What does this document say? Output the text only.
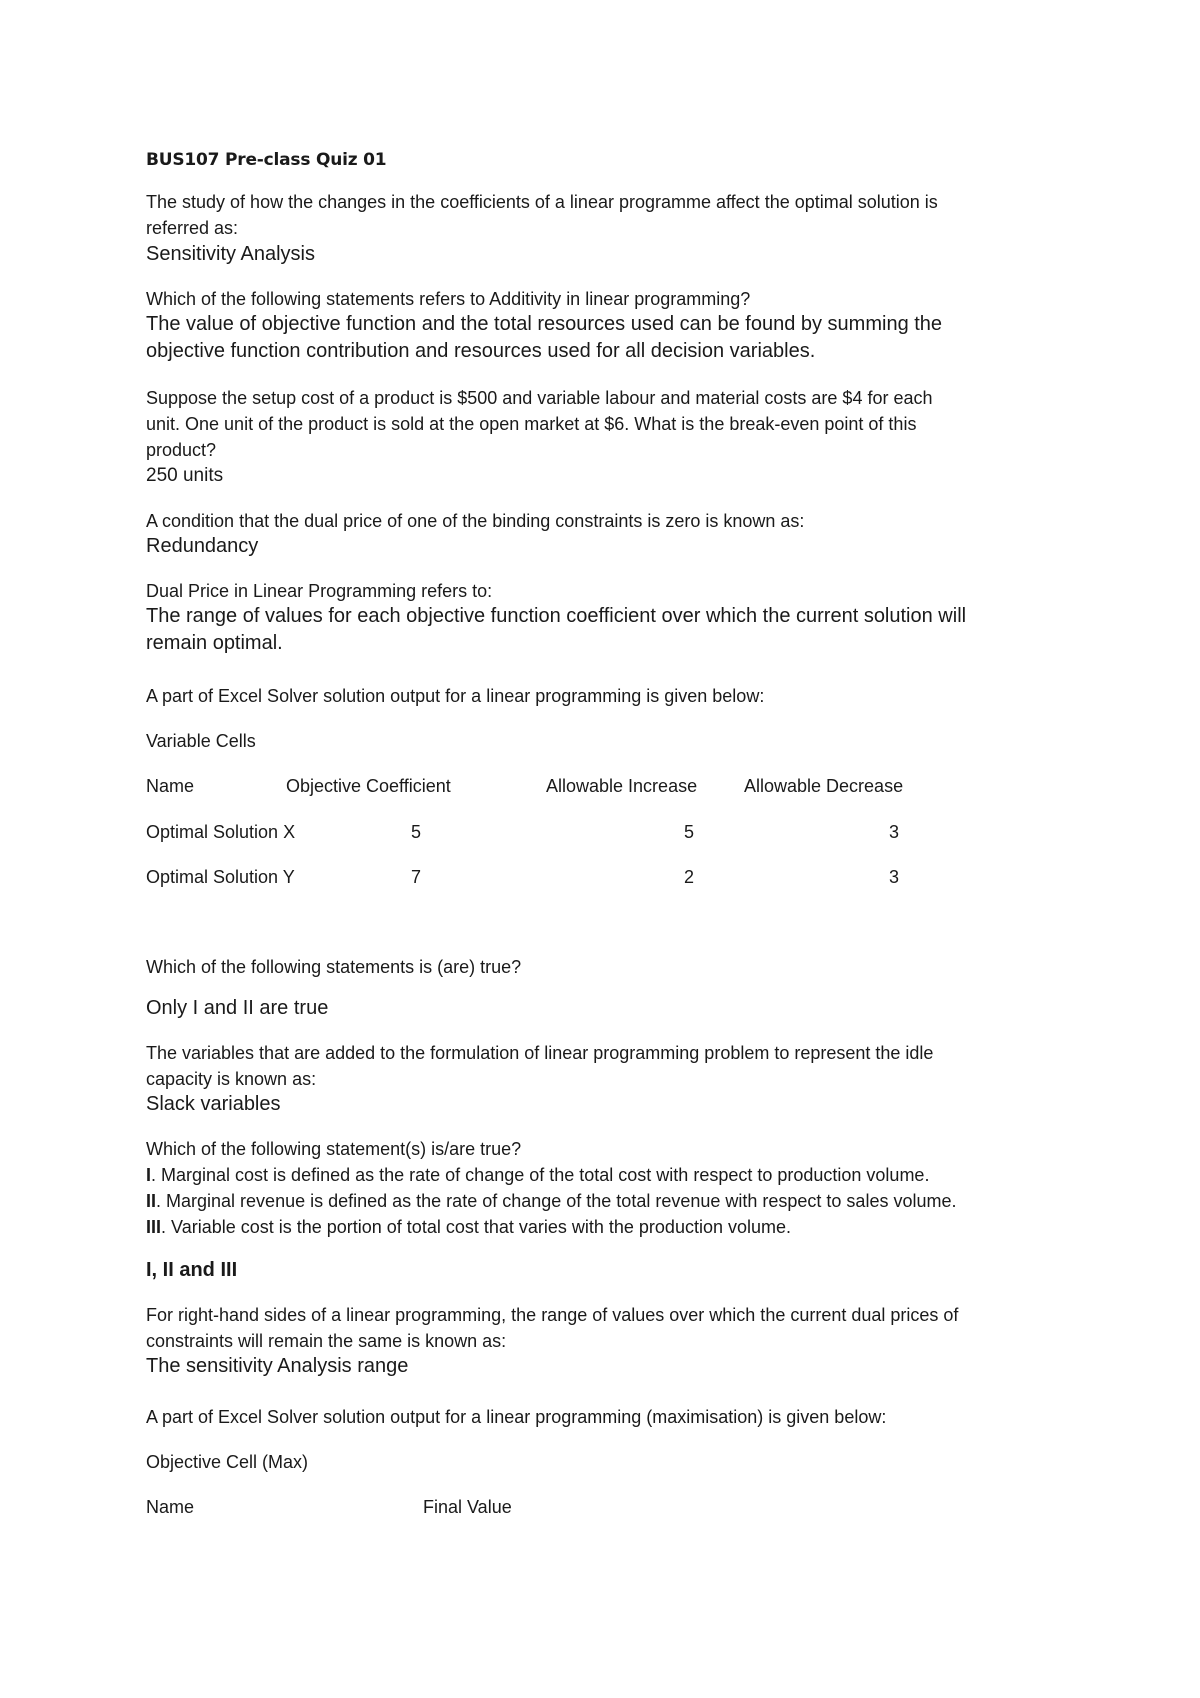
BUS107 Pre-class Quiz 01
The study of how the changes in the coefficients of a linear programme affect the optimal solution is
referred as:
Sensitivity Analysis
Which of the following statements refers to Additivity in linear programming?
The value of objective function and the total resources used can be found by summing the
objective function contribution and resources used for all decision variables.
Suppose the setup cost of a product is $500 and variable labour and material costs are $4 for each
unit. One unit of the product is sold at the open market at $6. What is the break-even point of this
product?
250 units
A condition that the dual price of one of the binding constraints is zero is known as:
Redundancy
Dual Price in Linear Programming refers to:
The range of values for each objective function coefficient over which the current solution will
remain optimal.
A part of Excel Solver solution output for a linear programming is given below:
Variable Cells
Name	Objective Coefficient	Allowable Increase	Allowable Decrease
Optimal Solution X	5	5	3
Optimal Solution Y	7	2	3
Which of the following statements is (are) true?
Only I and II are true
The variables that are added to the formulation of linear programming problem to represent the idle
capacity is known as:
Slack variables
Which of the following statement(s) is/are true?
I. Marginal cost is defined as the rate of change of the total cost with respect to production volume.
II. Marginal revenue is defined as the rate of change of the total revenue with respect to sales volume.
III. Variable cost is the portion of total cost that varies with the production volume.
I, II and III
For right-hand sides of a linear programming, the range of values over which the current dual prices of
constraints will remain the same is known as:
The sensitivity Analysis range
A part of Excel Solver solution output for a linear programming (maximisation) is given below:
Objective Cell (Max)
Name	Final Value
